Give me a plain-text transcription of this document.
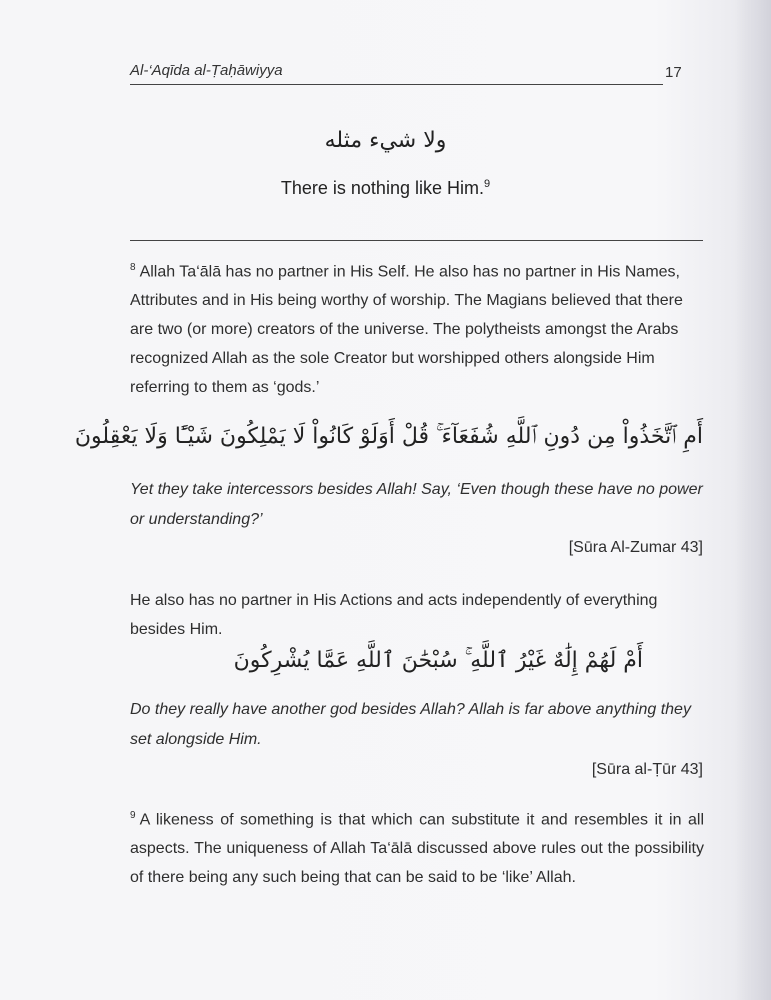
Al-‘Aqīda al-Ṭaḥāwiyya	17
ولا شيء مثله
There is nothing like Him.$^9$
$^8$ Allah Ta‘ālā has no partner in His Self. He also has no partner in His Names, Attributes and in His being worthy of worship. The Magians believed that there are two (or more) creators of the universe. The polytheists amongst the Arabs recognized Allah as the sole Creator but worshipped others alongside Him referring to them as ‘gods.’
أَمِ ٱتَّخَذُواْ مِن دُونِ ٱللَّهِ شُفَعَآءَ ۚ قُلْ أَوَلَوْ كَانُواْ لَا يَمْلِكُونَ شَيْـًٔا وَلَا يَعْقِلُونَ
Yet they take intercessors besides Allah! Say, ‘Even though these have no power or understanding?’
[Sūra Al-Zumar 43]
He also has no partner in His Actions and acts independently of everything besides Him.
أَمْ لَهُمْ إِلَٰهٌ غَيْرُ ٱللَّهِ ۚ سُبْحَٰنَ ٱللَّهِ عَمَّا يُشْرِكُونَ
Do they really have another god besides Allah? Allah is far above anything they set alongside Him.
[Sūra al-Ṭūr 43]
$^9$ A likeness of something is that which can substitute it and resembles it in all aspects. The uniqueness of Allah Ta‘ālā discussed above rules out the possibility of there being any such being that can be said to be ‘like’ Allah.
